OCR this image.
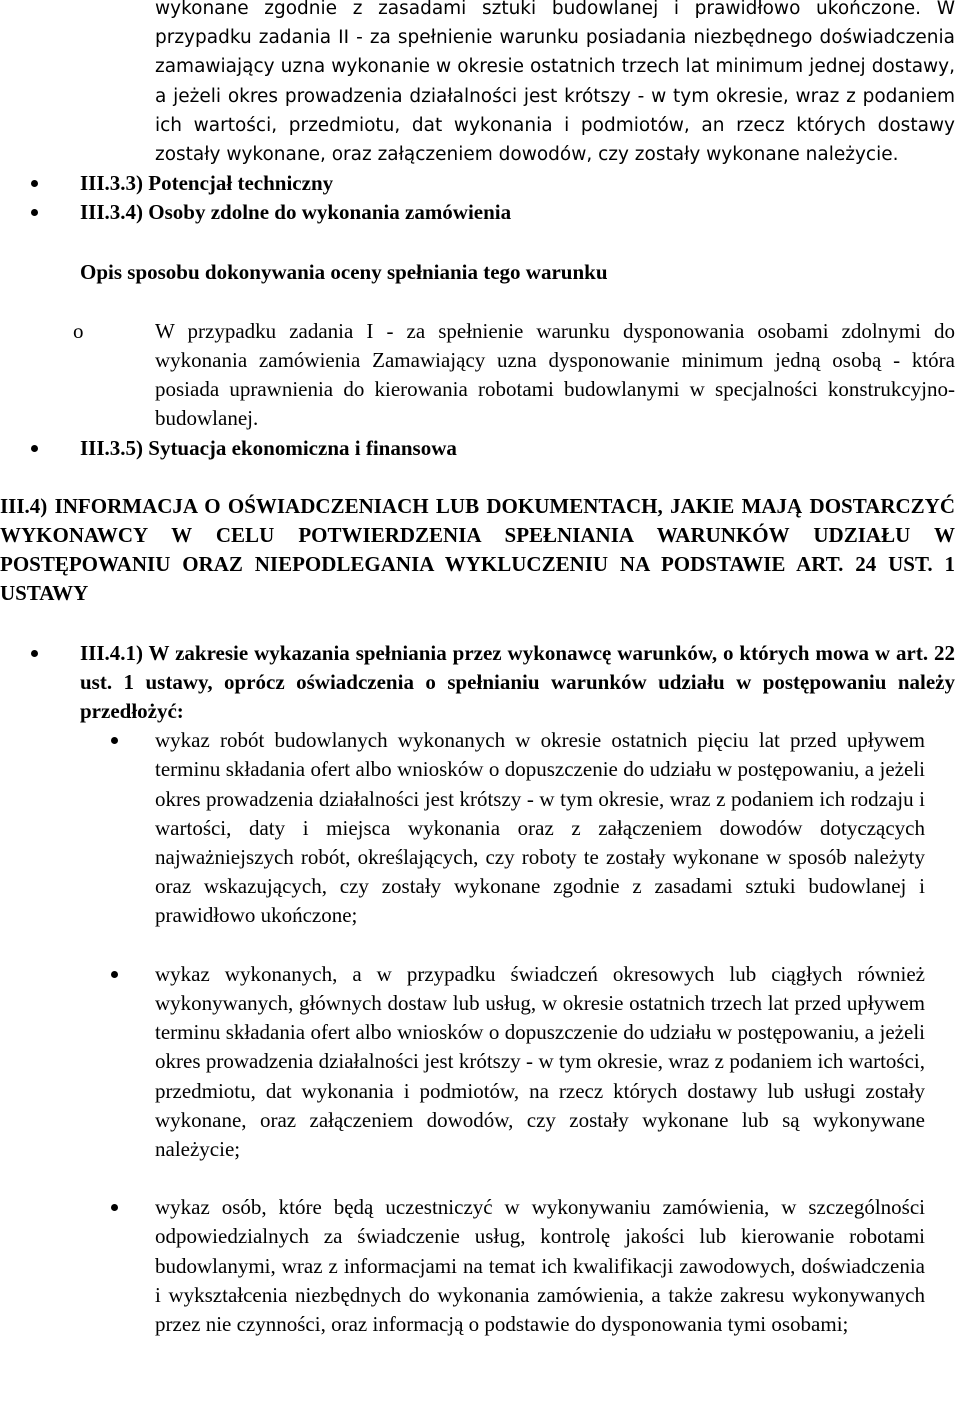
wykonane zgodnie z zasadami sztuki budowlanej i prawidłowo ukończone. W przypadku zadania II - za spełnienie warunku posiadania niezbędnego doświadczenia zamawiający uzna wykonanie w okresie ostatnich trzech lat minimum jednej dostawy, a jeżeli okres prowadzenia działalności jest krótszy - w tym okresie, wraz z podaniem ich wartości, przedmiotu, dat wykonania i podmiotów, an rzecz których dostawy zostały wykonane, oraz załączeniem dowodów, czy zostały wykonane należycie.

III.3.3) Potencjał techniczny
III.3.4) Osoby zdolne do wykonania zamówienia

Opis sposobu dokonywania oceny spełniania tego warunku

o	W przypadku zadania I - za spełnienie warunku dysponowania osobami zdolnymi do wykonania zamówienia Zamawiający uzna dysponowanie minimum jedną osobą - która posiada uprawnienia do kierowania robotami budowlanymi w specjalności konstrukcyjno-budowlanej.
III.3.5) Sytuacja ekonomiczna i finansowa

III.4) INFORMACJA O OŚWIADCZENIACH LUB DOKUMENTACH, JAKIE MAJĄ DOSTARCZYĆ WYKONAWCY W CELU POTWIERDZENIA SPEŁNIANIA WARUNKÓW UDZIAŁU W POSTĘPOWANIU ORAZ NIEPODLEGANIA WYKLUCZENIU NA PODSTAWIE ART. 24 UST. 1 USTAWY

III.4.1) W zakresie wykazania spełniania przez wykonawcę warunków, o których mowa w art. 22 ust. 1 ustawy, oprócz oświadczenia o spełnianiu warunków udziału w postępowaniu należy przedłożyć:
wykaz robót budowlanych wykonanych w okresie ostatnich pięciu lat przed upływem terminu składania ofert albo wniosków o dopuszczenie do udziału w postępowaniu, a jeżeli okres prowadzenia działalności jest krótszy - w tym okresie, wraz z podaniem ich rodzaju i wartości, daty i miejsca wykonania oraz z załączeniem dowodów dotyczących najważniejszych robót, określających, czy roboty te zostały wykonane w sposób należyty oraz wskazujących, czy zostały wykonane zgodnie z zasadami sztuki budowlanej i prawidłowo ukończone;
wykaz wykonanych, a w przypadku świadczeń okresowych lub ciągłych również wykonywanych, głównych dostaw lub usług, w okresie ostatnich trzech lat przed upływem terminu składania ofert albo wniosków o dopuszczenie do udziału w postępowaniu, a jeżeli okres prowadzenia działalności jest krótszy - w tym okresie, wraz z podaniem ich wartości, przedmiotu, dat wykonania i podmiotów, na rzecz których dostawy lub usługi zostały wykonane, oraz załączeniem dowodów, czy zostały wykonane lub są wykonywane należycie;
wykaz osób, które będą uczestniczyć w wykonywaniu zamówienia, w szczególności odpowiedzialnych za świadczenie usług, kontrolę jakości lub kierowanie robotami budowlanymi, wraz z informacjami na temat ich kwalifikacji zawodowych, doświadczenia i wykształcenia niezbędnych do wykonania zamówienia, a także zakresu wykonywanych przez nie czynności, oraz informacją o podstawie do dysponowania tymi osobami;
